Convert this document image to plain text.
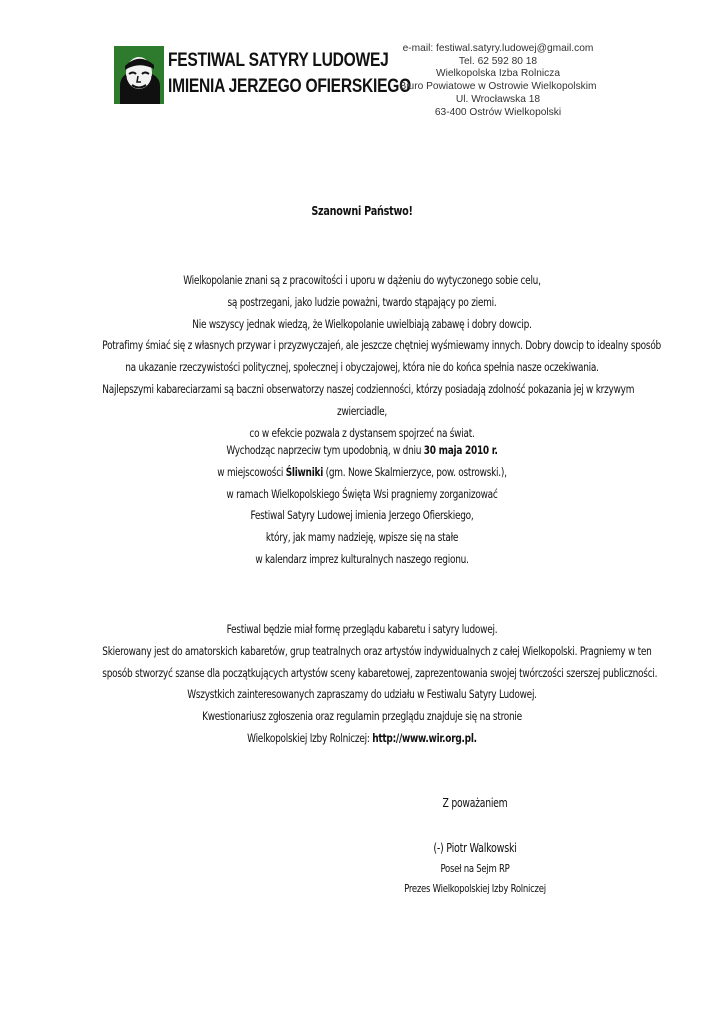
FESTIWAL SATYRY LUDOWEJ
IMIENIA JERZEGO OFIERSKIEGO
e-mail: festiwal.satyry.ludowej@gmail.com
Tel. 62 592 80 18
Wielkopolska Izba Rolnicza
Biuro Powiatowe w Ostrowie Wielkopolskim
Ul. Wrocławska 18
63-400 Ostrów Wielkopolski
Szanowni Państwo!
Wielkopolanie znani są z pracowitości i uporu w dążeniu do wytyczonego sobie celu,
są postrzegani, jako ludzie poważni, twardo stąpający po ziemi.
Nie wszyscy jednak wiedzą, że Wielkopolanie uwielbiają zabawę i dobry dowcip.
Potrafimy śmiać się z własnych przywar i przyzwyczajeń, ale jeszcze chętniej wyśmiewamy innych. Dobry dowcip to idealny sposób
na ukazanie rzeczywistości politycznej, społecznej i obyczajowej, która nie do końca spełnia nasze oczekiwania.
Najlepszymi kabareciarzami są baczni obserwatorzy naszej codzienności, którzy posiadają zdolność pokazania jej w krzywym
zwierciadle,
co w efekcie pozwala z dystansem spojrzeć na świat.
Wychodząc naprzeciw tym upodobnią, w dniu 30 maja 2010 r.
w miejscowości Śliwniki (gm. Nowe Skalmierzyce, pow. ostrowski.),
w ramach Wielkopolskiego Święta Wsi pragniemy zorganizować
Festiwal Satyry Ludowej imienia Jerzego Ofierskiego,
który, jak mamy nadzieję, wpisze się na stałe
w kalendarz imprez kulturalnych naszego regionu.
Festiwal będzie miał formę przeglądu kabaretu i satyry ludowej.
Skierowany jest do amatorskich kabaretów, grup teatralnych oraz artystów indywidualnych z całej Wielkopolski. Pragniemy w ten
sposób stworzyć szanse dla początkujących artystów sceny kabaretowej, zaprezentowania swojej twórczości szerszej publiczności.
Wszystkich zainteresowanych zapraszamy do udziału w Festiwalu Satyry Ludowej.
Kwestionariusz zgłoszenia oraz regulamin przeglądu znajduje się na stronie
Wielkopolskiej Izby Rolniczej: http://www.wir.org.pl.
Z poważaniem
(-) Piotr Walkowski
Poseł na Sejm RP
Prezes Wielkopolskiej Izby Rolniczej
